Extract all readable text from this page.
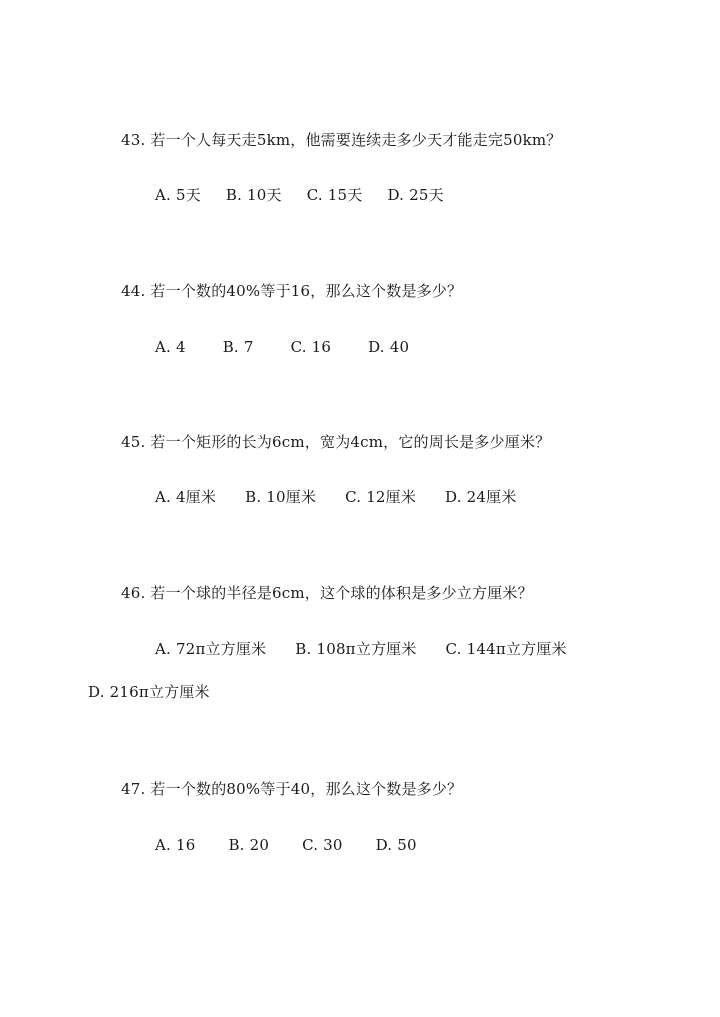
43. 若一个人每天走5km，他需要连续走多少天才能走完50km？
A. 5天 B. 10天 C. 15天 D. 25天
44. 若一个数的40%等于16，那么这个数是多少？
A. 4 B. 7 C. 16 D. 40
45. 若一个矩形的长为6cm，宽为4cm，它的周长是多少厘米？
A. 4厘米 B. 10厘米 C. 12厘米 D. 24厘米
46. 若一个球的半径是6cm，这个球的体积是多少立方厘米？
A. 72π立方厘米 B. 108π立方厘米 C. 144π立方厘米
D. 216π立方厘米
47. 若一个数的80%等于40，那么这个数是多少？
A. 16 B. 20 C. 30 D. 50
